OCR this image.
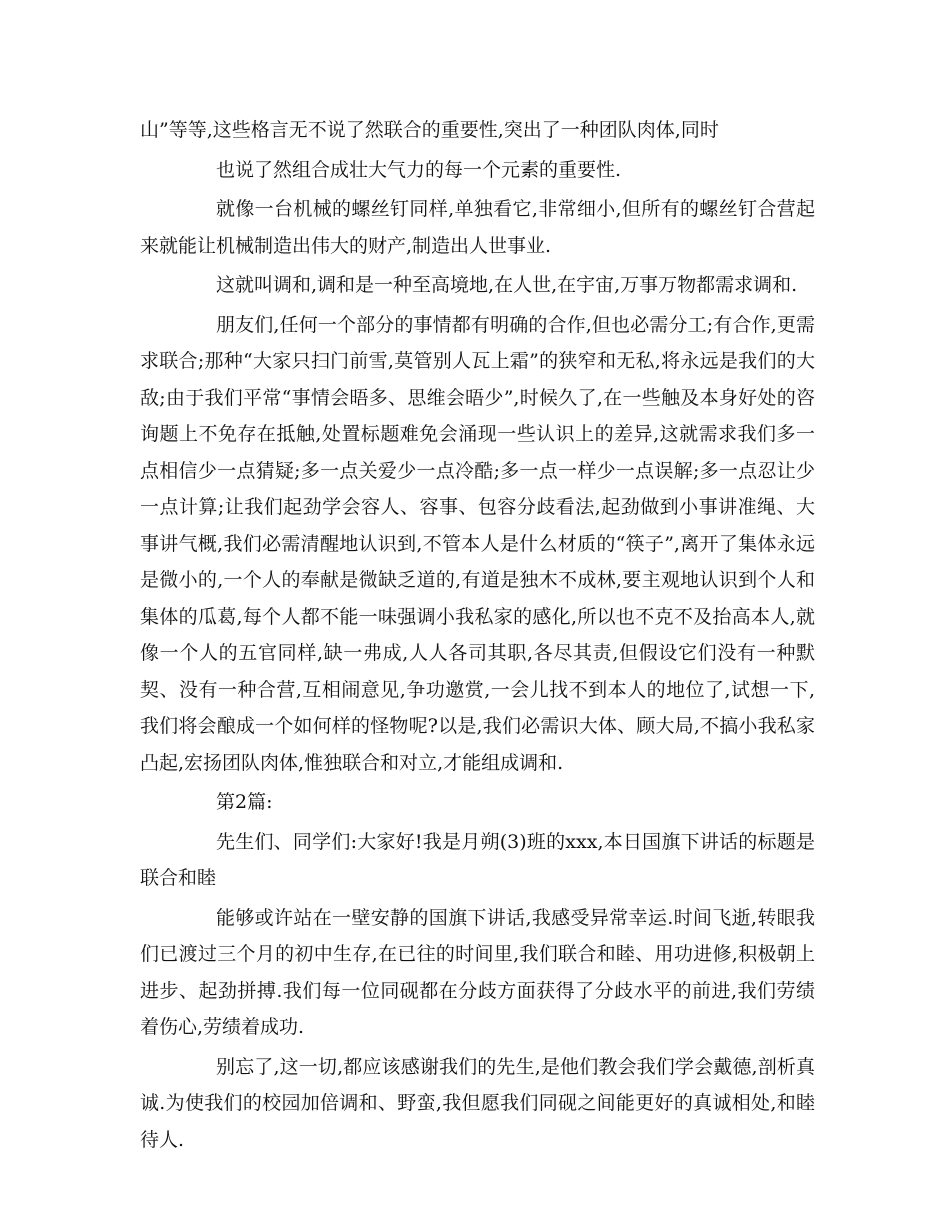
山”等等,这些格言无不说了然联合的重要性,突出了一种团队肉体,同时

也说了然组合成壮大气力的每一个元素的重要性.

就像一台机械的螺丝钉同样,单独看它,非常细小,但所有的螺丝钉合营起来就能让机械制造出伟大的财产,制造出人世事业.

这就叫调和,调和是一种至高境地,在人世,在宇宙,万事万物都需求调和.

朋友们,任何一个部分的事情都有明确的合作,但也必需分工;有合作,更需求联合;那种“大家只扫门前雪,莫管别人瓦上霜”的狭窄和无私,将永远是我们的大敌;由于我们平常“事情会晤多、思维会晤少”,时候久了,在一些触及本身好处的咨询题上不免存在抵触,处置标题难免会涌现一些认识上的差异,这就需求我们多一点相信少一点猜疑;多一点关爱少一点冷酷;多一点一样少一点误解;多一点忍让少一点计算;让我们起劲学会容人、容事、包容分歧看法,起劲做到小事讲准绳、大事讲气概,我们必需清醒地认识到,不管本人是什么材质的“筷子”,离开了集体永远是微小的,一个人的奉献是微缺乏道的,有道是独木不成林,要主观地认识到个人和集体的瓜葛,每个人都不能一味强调小我私家的感化,所以也不克不及抬高本人,就像一个人的五官同样,缺一弗成,人人各司其职,各尽其责,但假设它们没有一种默契、没有一种合营,互相闹意见,争功邀赏,一会儿找不到本人的地位了,试想一下,我们将会酿成一个如何样的怪物呢?以是,我们必需识大体、顾大局,不搞小我私家凸起,宏扬团队肉体,惟独联合和对立,才能组成调和.

第2篇:

先生们、同学们:大家好!我是月朔(3)班的xxx,本日国旗下讲话的标题是联合和睦

能够或许站在一壁安静的国旗下讲话,我感受异常幸运.时间飞逝,转眼我们已渡过三个月的初中生存,在已往的时间里,我们联合和睦、用功进修,积极朝上进步、起劲拼搏.我们每一位同砚都在分歧方面获得了分歧水平的前进,我们劳绩着伤心,劳绩着成功.

别忘了,这一切,都应该感谢我们的先生,是他们教会我们学会戴德,剖析真诚.为使我们的校园加倍调和、野蛮,我但愿我们同砚之间能更好的真诚相处,和睦待人.
